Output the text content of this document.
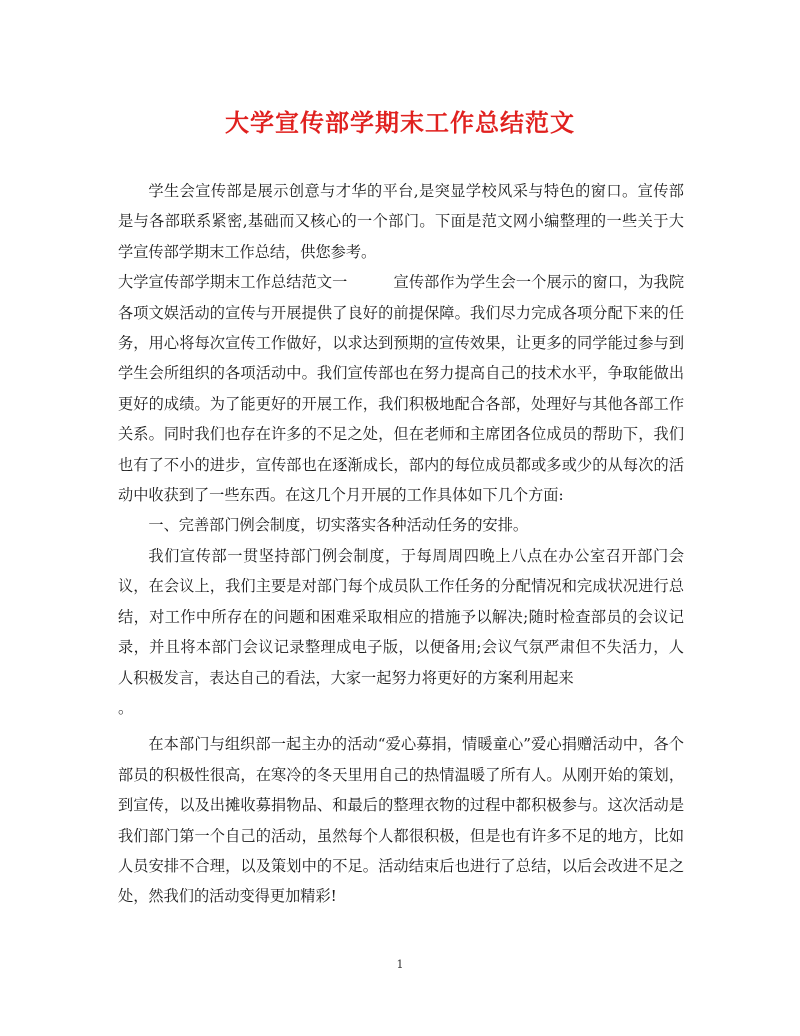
大学宣传部学期末工作总结范文

学生会宣传部是展示创意与才华的平台,是突显学校风采与特色的窗口。宣传部是与各部联系紧密,基础而又核心的一个部门。下面是范文网小编整理的一些关于大学宣传部学期末工作总结，供您参考。

大学宣传部学期末工作总结范文一	宣传部作为学生会一个展示的窗口，为我院各项文娱活动的宣传与开展提供了良好的前提保障。我们尽力完成各项分配下来的任务，用心将每次宣传工作做好，以求达到预期的宣传效果，让更多的同学能过参与到学生会所组织的各项活动中。我们宣传部也在努力提高自己的技术水平，争取能做出更好的成绩。为了能更好的开展工作，我们积极地配合各部，处理好与其他各部工作关系。同时我们也存在许多的不足之处，但在老师和主席团各位成员的帮助下，我们也有了不小的进步，宣传部也在逐渐成长，部内的每位成员都或多或少的从每次的活动中收获到了一些东西。在这几个月开展的工作具体如下几个方面:

一、完善部门例会制度，切实落实各种活动任务的安排。

我们宣传部一贯坚持部门例会制度，于每周周四晚上八点在办公室召开部门会议，在会议上，我们主要是对部门每个成员队工作任务的分配情况和完成状况进行总结，对工作中所存在的问题和困难采取相应的措施予以解决;随时检查部员的会议记录，并且将本部门会议记录整理成电子版，以便备用;会议气氛严肃但不失活力，人人积极发言，表达自己的看法，大家一起努力将更好的方案利用起来
。

在本部门与组织部一起主办的活动“爱心募捐，情暖童心”爱心捐赠活动中，各个部员的积极性很高，在寒冷的冬天里用自己的热情温暖了所有人。从刚开始的策划，到宣传，以及出摊收募捐物品、和最后的整理衣物的过程中都积极参与。这次活动是我们部门第一个自己的活动，虽然每个人都很积极，但是也有许多不足的地方，比如人员安排不合理，以及策划中的不足。活动结束后也进行了总结，以后会改进不足之处，然我们的活动变得更加精彩!

1
